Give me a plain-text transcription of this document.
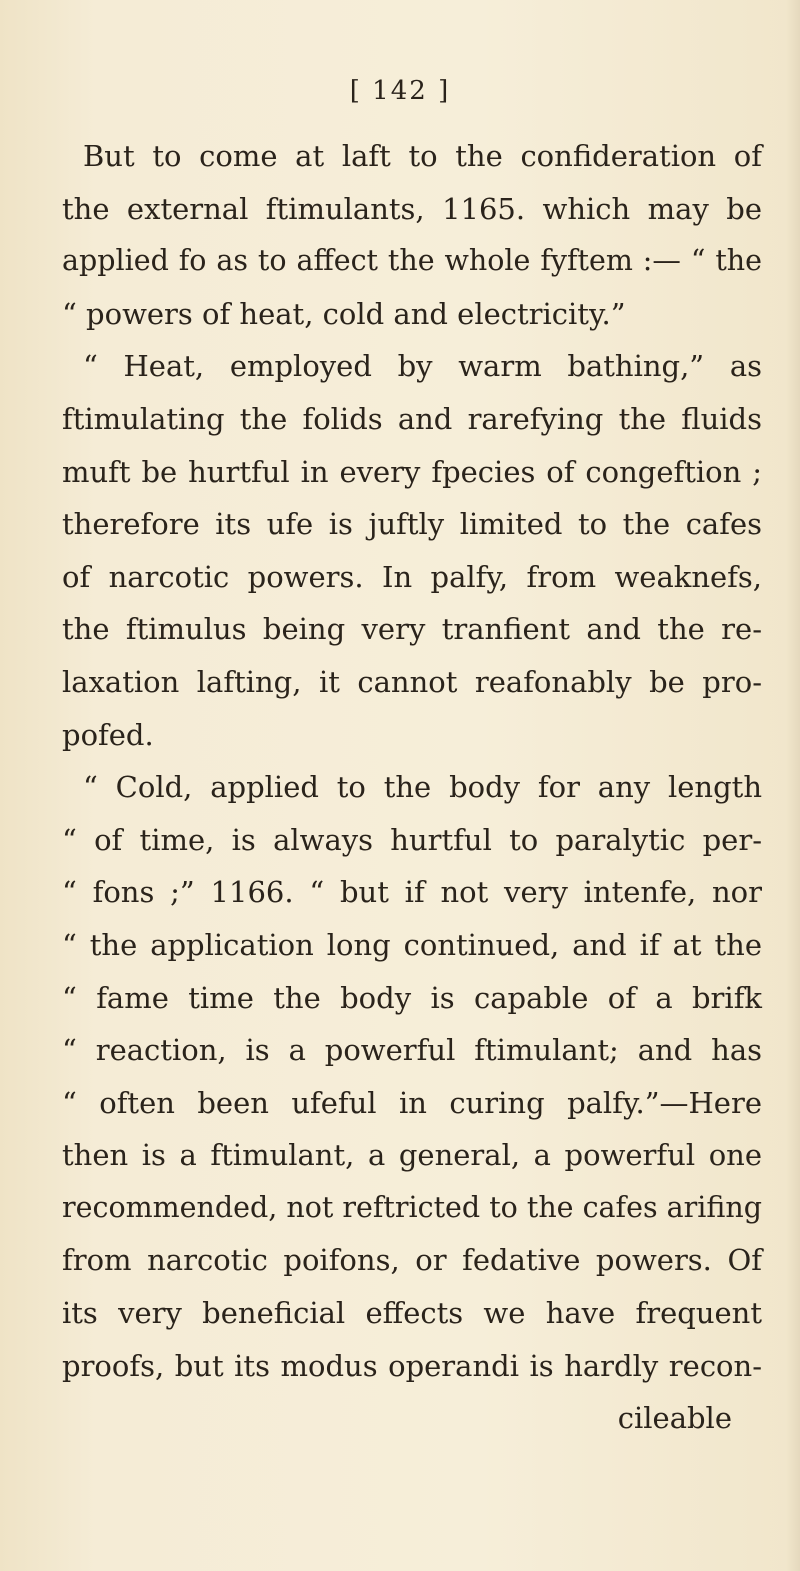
[ 142 ]
But to come at laft to the confideration of
the external ftimulants, 1165. which may be
applied fo as to affect the whole fyftem :— “ the
“ powers of heat, cold and electricity.”
“ Heat, employed by warm bathing,” as
ftimulating the folids and rarefying the fluids
muft be hurtful in every fpecies of congeftion ;
therefore its ufe is juftly limited to the cafes
of narcotic powers. In palfy, from weaknefs,
the ftimulus being very tranfient and the re-
laxation lafting, it cannot reafonably be pro-
pofed.
“ Cold, applied to the body for any length
“ of time, is always hurtful to paralytic per-
“ fons ;” 1166. “ but if not very intenfe, nor
“ the application long continued, and if at the
“ fame time the body is capable of a brifk
“ reaction, is a powerful ftimulant; and has
“ often been ufeful in curing palfy.”—Here
then is a ftimulant, a general, a powerful one
recommended, not reftricted to the cafes arifing
from narcotic poifons, or fedative powers. Of
its very beneficial effects we have frequent
proofs, but its modus operandi is hardly recon-
cileable
